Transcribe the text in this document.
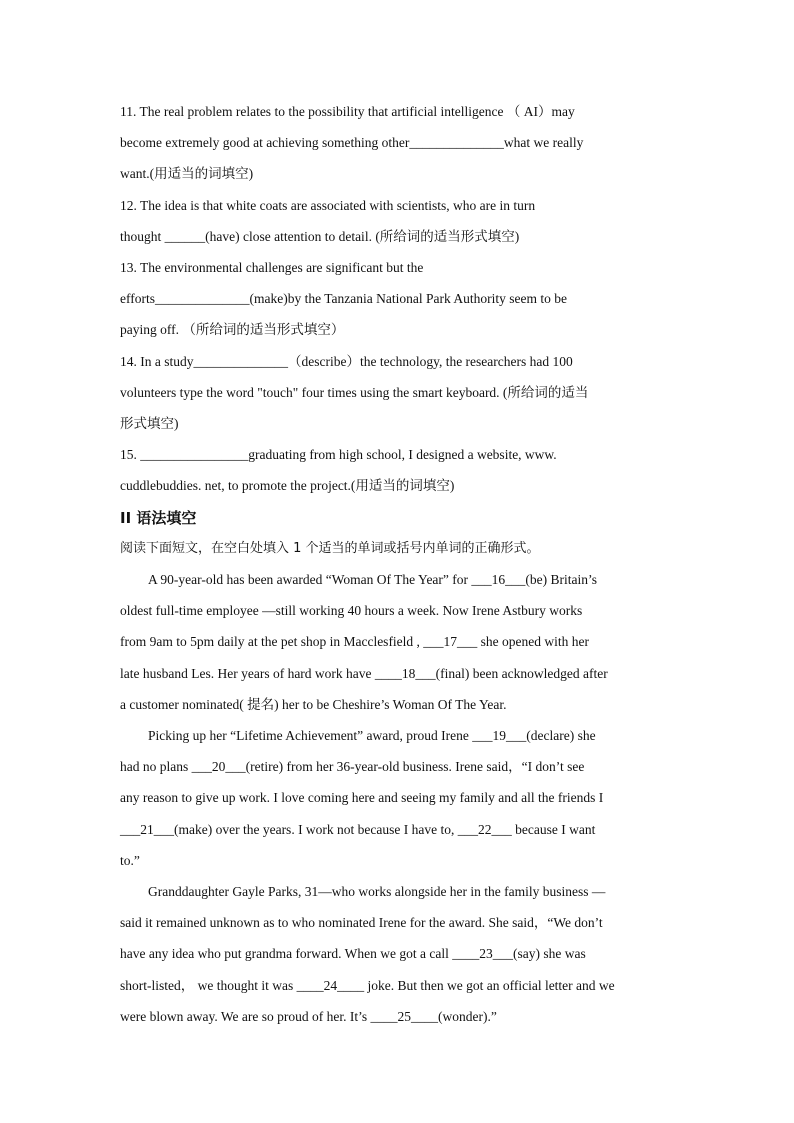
11. The real problem relates to the possibility that artificial intelligence （ AI）may
become extremely good at achieving something other______________what we really
want.(用适当的词填空)
12. The idea is that white coats are associated with scientists, who are in turn
thought ______(have) close attention to detail. (所给词的适当形式填空)
13. The environmental challenges are significant but the
efforts______________(make)by the Tanzania National Park Authority seem to be
paying off. （所给词的适当形式填空）
14. In a study______________（describe）the technology, the researchers had 100
volunteers type the word "touch" four times using the smart keyboard. (所给词的适当
形式填空)
15. ________________graduating from high school, I designed a website, www.
cuddlebuddies. net, to promote the project.(用适当的词填空)
II 语法填空
阅读下面短文，在空白处填入 1 个适当的单词或括号内单词的正确形式。
A 90-year-old has been awarded “Woman Of The Year” for ___16___(be) Britain’s
oldest full-time employee —still working 40 hours a week. Now Irene Astbury works
from 9am to 5pm daily at the pet shop in Macclesfield , ___17___ she opened with her
late husband Les. Her years of hard work have ____18___(final) been acknowledged after
a customer nominated( 提名) her to be Cheshire’s Woman Of The Year.
Picking up her “Lifetime Achievement” award, proud Irene ___19___(declare) she
had no plans ___20___(retire) from her 36-year-old business. Irene said，“I don’t see
any reason to give up work. I love coming here and seeing my family and all the friends I
___21___(make) over the years. I work not because I have to, ___22___ because I want
to.”
Granddaughter Gayle Parks, 31—who works alongside her in the family business —
said it remained unknown as to who nominated Irene for the award. She said，“We don’t
have any idea who put grandma forward. When we got a call ____23___(say) she was
short-listed， we thought it was ____24____ joke. But then we got an official letter and we
were blown away. We are so proud of her. It’s ____25____(wonder).”
